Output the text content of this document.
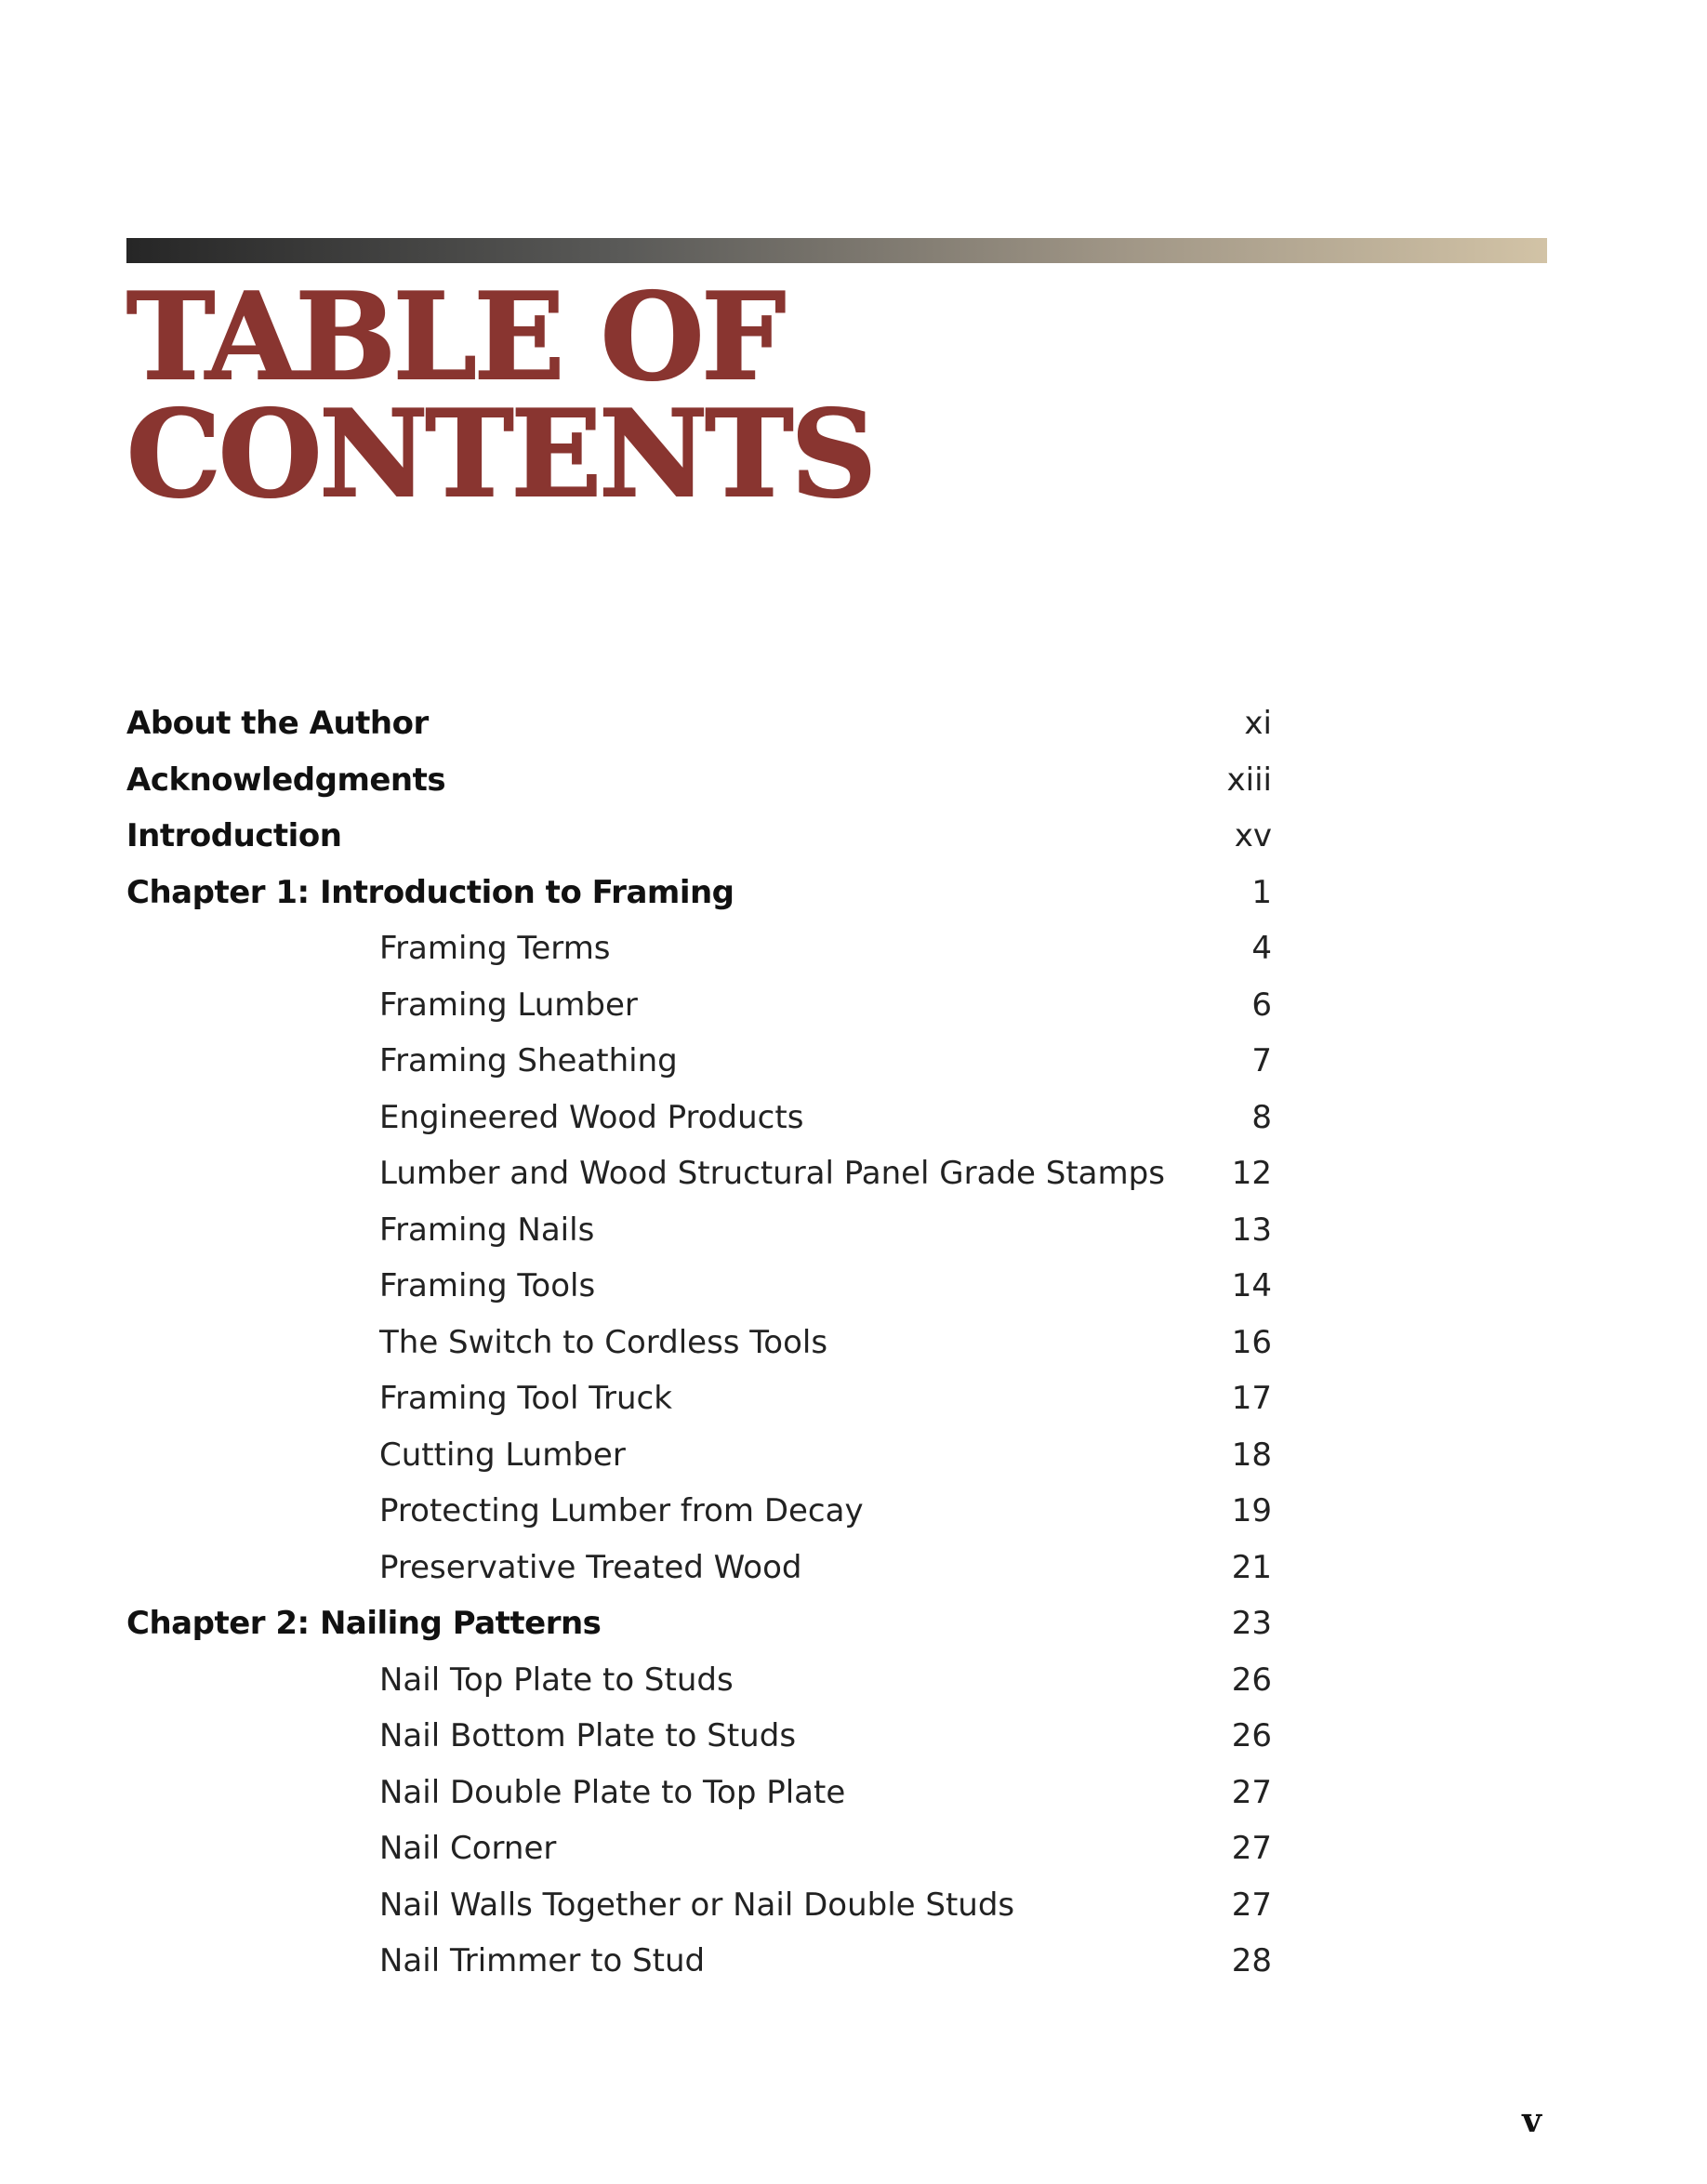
TABLE OF
CONTENTS
About the Author	xi
Acknowledgments	xiii
Introduction	xv
Chapter 1: Introduction to Framing	1
Framing Terms	4
Framing Lumber	6
Framing Sheathing	7
Engineered Wood Products	8
Lumber and Wood Structural Panel Grade Stamps 12
Framing Nails	13
Framing Tools	14
The Switch to Cordless Tools	16
Framing Tool Truck	17
Cutting Lumber	18
Protecting Lumber from Decay	19
Preservative Treated Wood	21
Chapter 2: Nailing Patterns	23
Nail Top Plate to Studs	26
Nail Bottom Plate to Studs	26
Nail Double Plate to Top Plate	27
Nail Corner	27
Nail Walls Together or Nail Double Studs	27
Nail Trimmer to Stud	28
v
